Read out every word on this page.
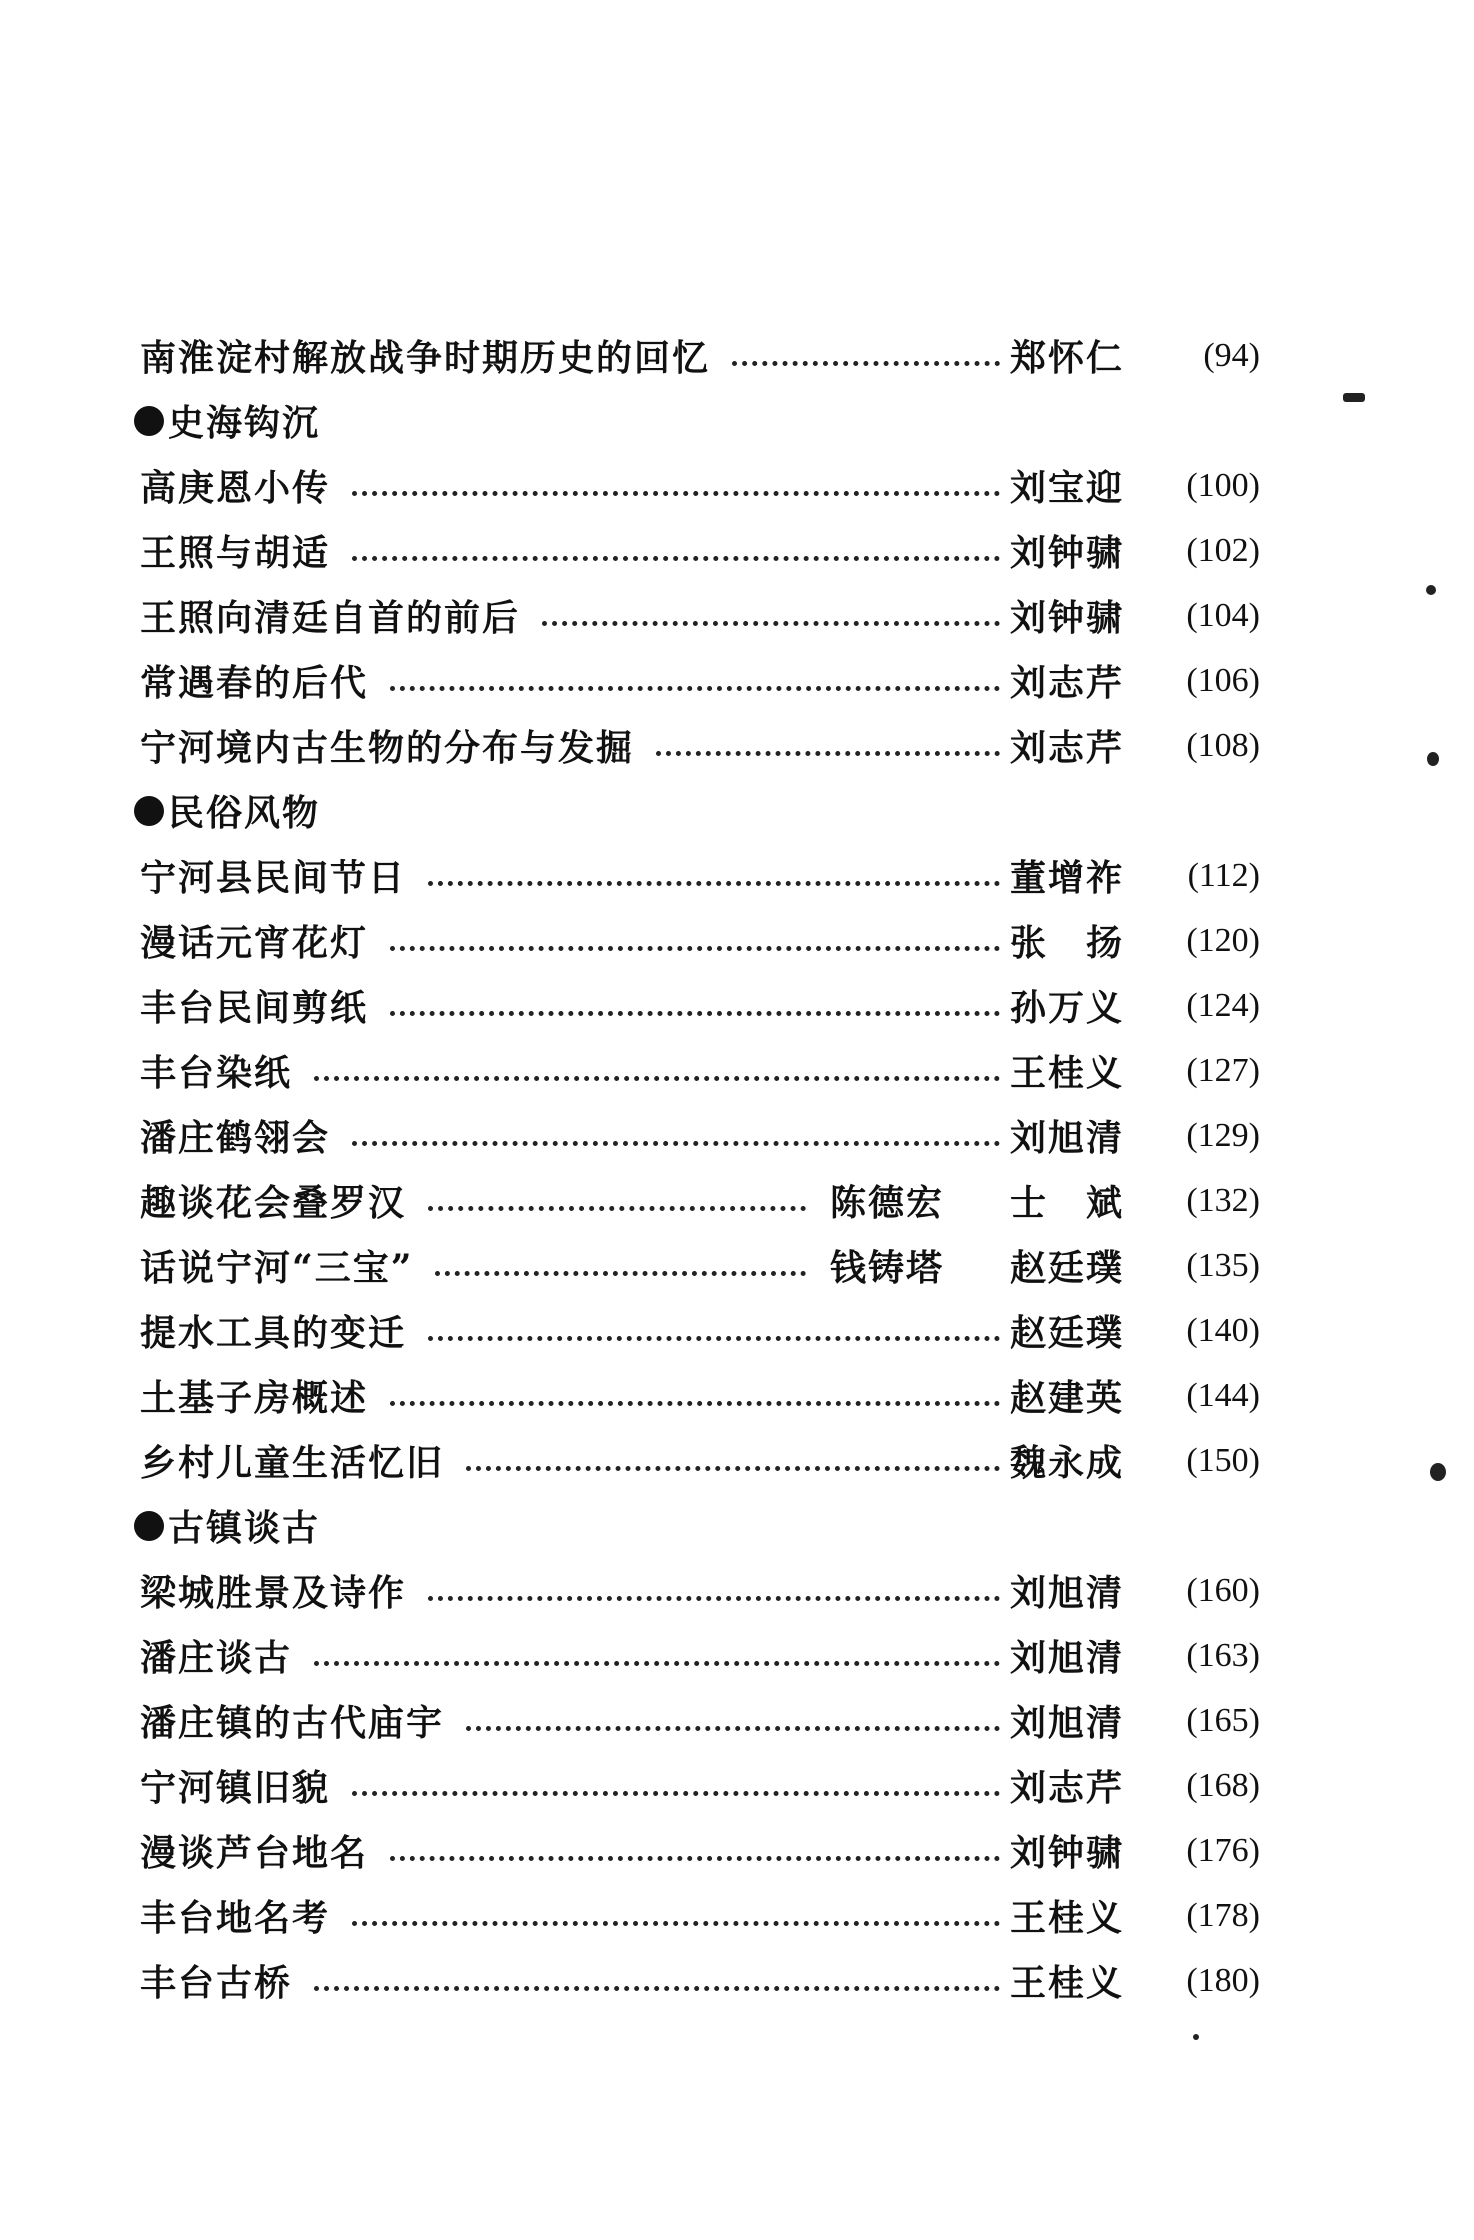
南淮淀村解放战争时期历史的回忆	郑怀仁	(94)
史海钩沉
高庚恩小传	刘宝迎	(100)
王照与胡适	刘钟骕	(102)
王照向清廷自首的前后	刘钟骕	(104)
常遇春的后代	刘志芹	(106)
宁河境内古生物的分布与发掘	刘志芹	(108)
民俗风物
宁河县民间节日	董增祚	(112)
漫话元宵花灯	张　扬	(120)
丰台民间剪纸	孙万义	(124)
丰台染纸	王桂义	(127)
潘庄鹤翎会	刘旭清	(129)
趣谈花会叠罗汉	陈德宏	士　斌	(132)
话说宁河“三宝”	钱铸塔	赵廷璞	(135)
提水工具的变迁	赵廷璞	(140)
土基子房概述	赵建英	(144)
乡村儿童生活忆旧	魏永成	(150)
古镇谈古
梁城胜景及诗作	刘旭清	(160)
潘庄谈古	刘旭清	(163)
潘庄镇的古代庙宇	刘旭清	(165)
宁河镇旧貌	刘志芹	(168)
漫谈芦台地名	刘钟骕	(176)
丰台地名考	王桂义	(178)
丰台古桥	王桂义	(180)
